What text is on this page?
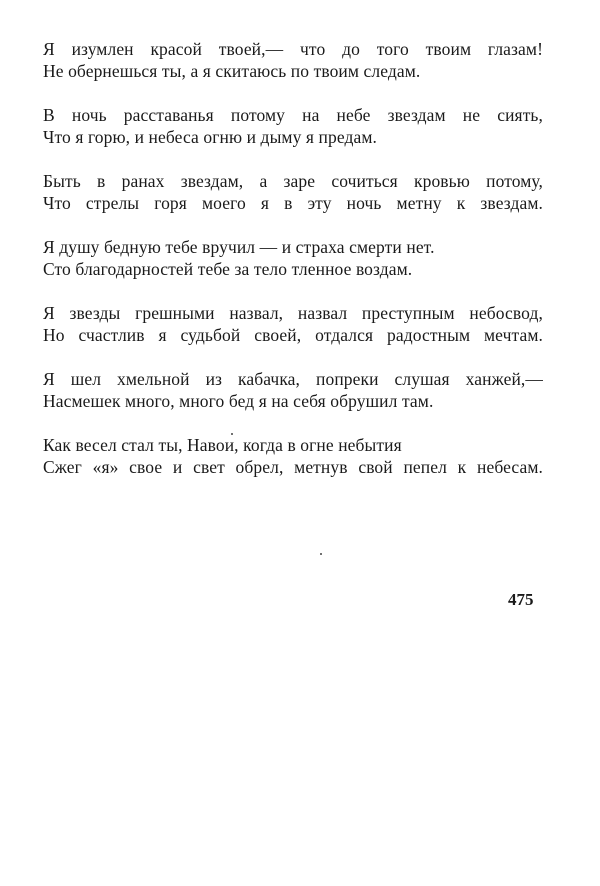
Я изумлен красой твоей,— что до того твоим глазам!
Не обернешься ты, а я скитаюсь по твоим следам.
В ночь расставанья потому на небе звездам не сиять,
Что я горю, и небеса огню и дыму я предам.
Быть в ранах звездам, а заре сочиться кровью потому,
Что стрелы горя моего я в эту ночь метну к звездам.
Я душу бедную тебе вручил — и страха смерти нет.
Сто благодарностей тебе за тело тленное воздам.
Я звезды грешными назвал, назвал преступным небосвод,
Но счастлив я судьбой своей, отдался радостным мечтам.
Я шел хмельной из кабачка, попреки слушая ханжей,—
Насмешек много, много бед я на себя обрушил там.
Как весел стал ты, Навои, когда в огне небытия
Сжег «я» свое и свет обрел, метнув свой пепел к небесам.
475
